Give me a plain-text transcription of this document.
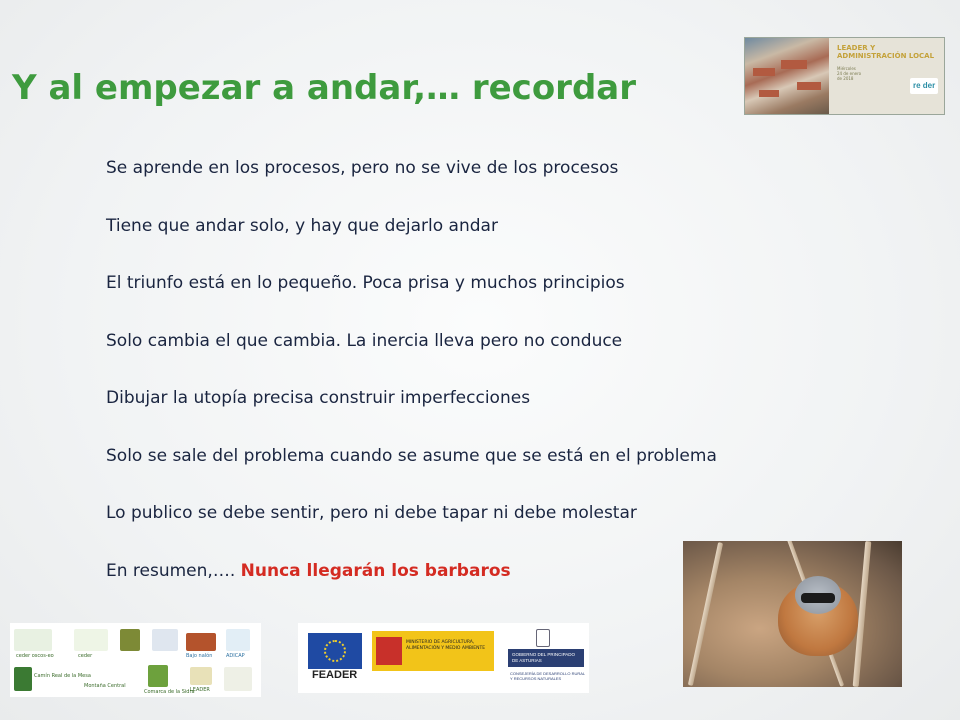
Y al empezar a andar,… recordar
LEADER Y
ADMINISTRACIÓN LOCAL
Miércoles
24 de enero
de 2018
re der
Se aprende en los procesos, pero no se vive de los procesos
Tiene que andar solo, y hay que dejarlo andar
El triunfo está en lo pequeño. Poca prisa y muchos principios
Solo cambia el que cambia. La inercia lleva pero no conduce
Dibujar la utopía precisa construir imperfecciones
Solo se sale del problema cuando se asume que se está en el problema
Lo publico se debe sentir, pero ni debe tapar ni debe molestar
En resumen,…. Nunca llegarán los barbaros
ceder oscos-eo	ceder	Bajo nalón	ADICAP
Camín Real de la Mesa
Montaña Central
Comarca de la Sidra
LEADER
FEADER
MINISTERIO DE AGRICULTURA, ALIMENTACIÓN Y MEDIO AMBIENTE
GOBIERNO DEL PRINCIPADO DE ASTURIAS
CONSEJERÍA DE DESARROLLO RURAL Y RECURSOS NATURALES
